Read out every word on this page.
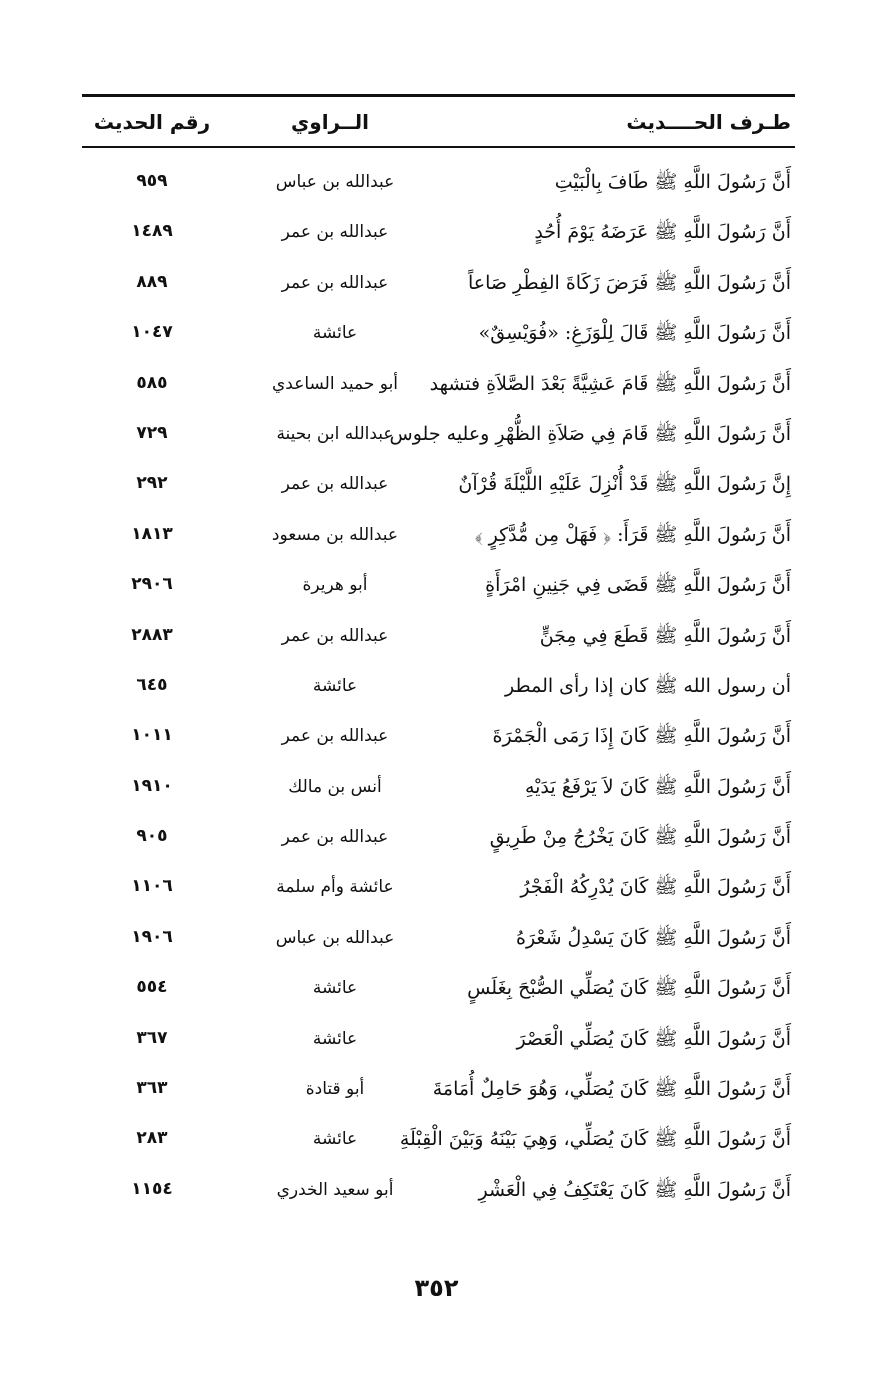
طـرف الحــــديث
الــراوي
رقم الحديث
أَنَّ رَسُولَ اللَّهِ ﷺ طَافَ بِالْبَيْتِ
عبدالله بن عباس
٩٥٩
أَنَّ رَسُولَ اللَّهِ ﷺ عَرَضَهُ يَوْمَ أُحُدٍ
عبدالله بن عمر
١٤٨٩
أَنَّ رَسُولَ اللَّهِ ﷺ فَرَضَ زَكَاةَ الفِطْرِ صَاعاً
عبدالله بن عمر
٨٨٩
أَنَّ رَسُولَ اللَّهِ ﷺ قَالَ لِلْوَزَغِ: «فُوَيْسِقٌ»
عائشة
١٠٤٧
أَنَّ رَسُولَ اللَّهِ ﷺ قَامَ عَشِيَّةً بَعْدَ الصَّلاَةِ فتشهد
أبو حميد الساعدي
٥٨٥
أَنَّ رَسُولَ اللَّهِ ﷺ قَامَ فِي صَلاَةِ الظُّهْرِ وعليه جلوس
عبدالله ابن بحينة
٧٢٩
إِنَّ رَسُولَ اللَّهِ ﷺ قَدْ أُنْزِلَ عَلَيْهِ اللَّيْلَةَ قُرْآنٌ
عبدالله بن عمر
٢٩٢
أَنَّ رَسُولَ اللَّهِ ﷺ قَرَأَ: ﴿ فَهَلْ مِن مُّدَّكِرٍ ﴾
عبدالله بن مسعود
١٨١٣
أَنَّ رَسُولَ اللَّهِ ﷺ قَضَى فِي جَنِينِ امْرَأَةٍ
أبو هريرة
٢٩٠٦
أَنَّ رَسُولَ اللَّهِ ﷺ قَطَعَ فِي مِجَنٍّ
عبدالله بن عمر
٢٨٨٣
أن رسول الله ﷺ كان إذا رأى المطر
عائشة
٦٤٥
أَنَّ رَسُولَ اللَّهِ ﷺ كَانَ إِذَا رَمَى الْجَمْرَةَ
عبدالله بن عمر
١٠١١
أَنَّ رَسُولَ اللَّهِ ﷺ كَانَ لاَ يَرْفَعُ يَدَيْهِ
أنس بن مالك
١٩١٠
أَنَّ رَسُولَ اللَّهِ ﷺ كَانَ يَخْرُجُ مِنْ طَرِيقٍ
عبدالله بن عمر
٩٠٥
أَنَّ رَسُولَ اللَّهِ ﷺ كَانَ يُدْرِكُهُ الْفَجْرُ
عائشة وأم سلمة
١١٠٦
أَنَّ رَسُولَ اللَّهِ ﷺ كَانَ يَسْدِلُ شَعْرَهُ
عبدالله بن عباس
١٩٠٦
أَنَّ رَسُولَ اللَّهِ ﷺ كَانَ يُصَلِّي الصُّبْحَ بِغَلَسٍ
عائشة
٥٥٤
أَنَّ رَسُولَ اللَّهِ ﷺ كَانَ يُصَلِّي الْعَصْرَ
عائشة
٣٦٧
أَنَّ رَسُولَ اللَّهِ ﷺ كَانَ يُصَلِّي، وَهُوَ حَامِلٌ أُمَامَةَ
أبو قتادة
٣٦٣
أَنَّ رَسُولَ اللَّهِ ﷺ كَانَ يُصَلِّي، وَهِيَ بَيْنَهُ وَبَيْنَ الْقِبْلَةِ
عائشة
٢٨٣
أَنَّ رَسُولَ اللَّهِ ﷺ كَانَ يَعْتَكِفُ فِي الْعَشْرِ
أبو سعيد الخدري
١١٥٤
٣٥٢
